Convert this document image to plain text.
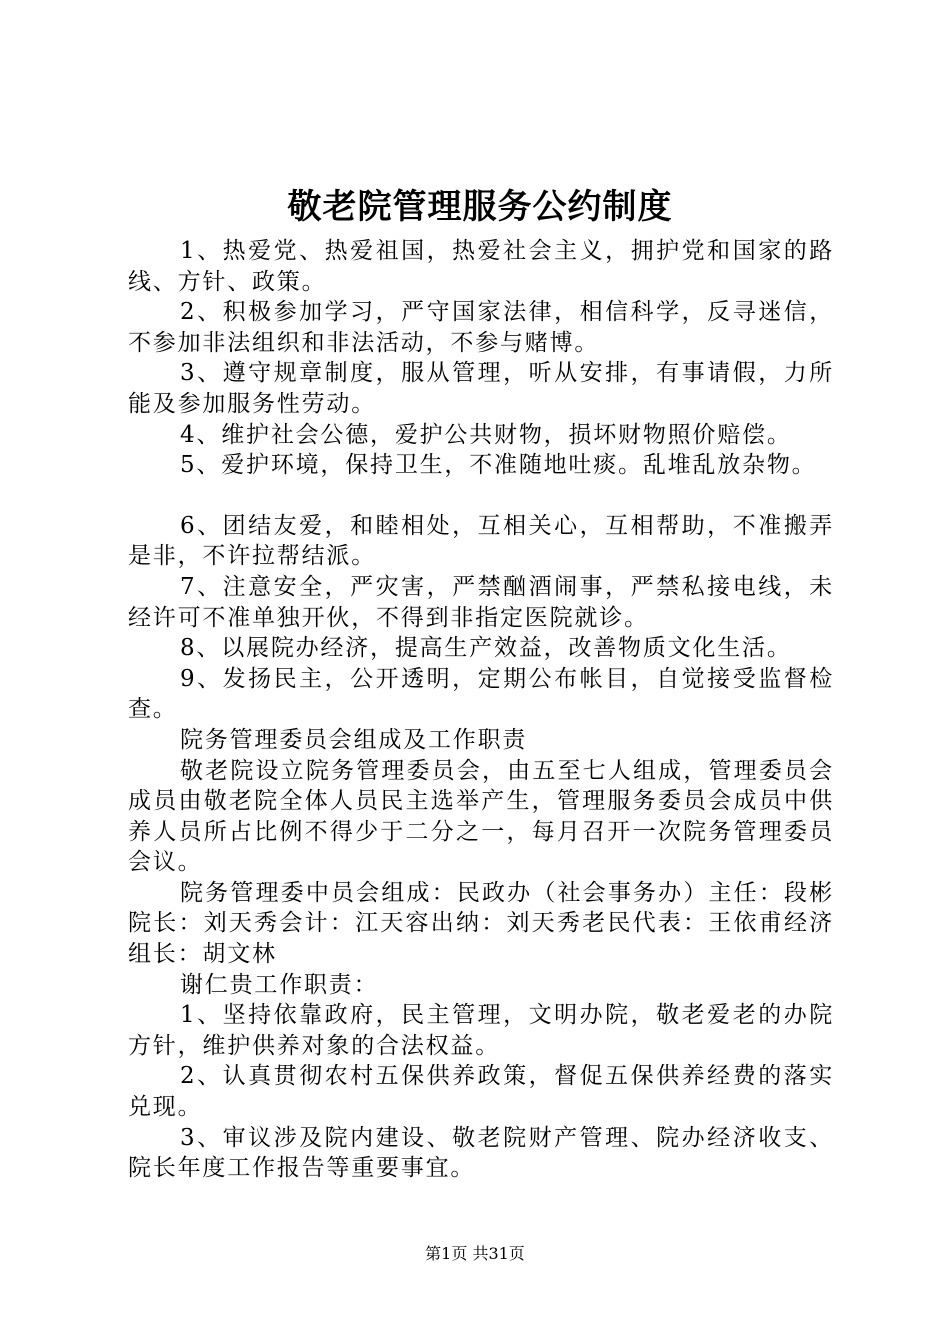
敬老院管理服务公约制度

1、热爱党、热爱祖国，热爱社会主义，拥护党和国家的路线、方针、政策。

2、积极参加学习，严守国家法律，相信科学，反寻迷信，不参加非法组织和非法活动，不参与赌博。

3、遵守规章制度，服从管理，听从安排，有事请假，力所能及参加服务性劳动。

4、维护社会公德，爱护公共财物，损坏财物照价赔偿。

5、爱护环境，保持卫生，不准随地吐痰。乱堆乱放杂物。

6、团结友爱，和睦相处，互相关心，互相帮助，不准搬弄是非，不许拉帮结派。

7、注意安全，严灾害，严禁酗酒闹事，严禁私接电线，未经许可不准单独开伙，不得到非指定医院就诊。

8、以展院办经济，提高生产效益，改善物质文化生活。

9、发扬民主，公开透明，定期公布帐目，自觉接受监督检查。

院务管理委员会组成及工作职责

敬老院设立院务管理委员会，由五至七人组成，管理委员会成员由敬老院全体人员民主选举产生，管理服务委员会成员中供养人员所占比例不得少于二分之一，每月召开一次院务管理委员会议。

院务管理委中员会组成：民政办（社会事务办）主任：段彬院长：刘天秀会计：江天容出纳：刘天秀老民代表：王依甫经济组长：胡文林

谢仁贵工作职责：

1、坚持依靠政府，民主管理，文明办院，敬老爱老的办院方针，维护供养对象的合法权益。

2、认真贯彻农村五保供养政策，督促五保供养经费的落实兑现。

3、审议涉及院内建设、敬老院财产管理、院办经济收支、院长年度工作报告等重要事宜。

第1页 共31页
